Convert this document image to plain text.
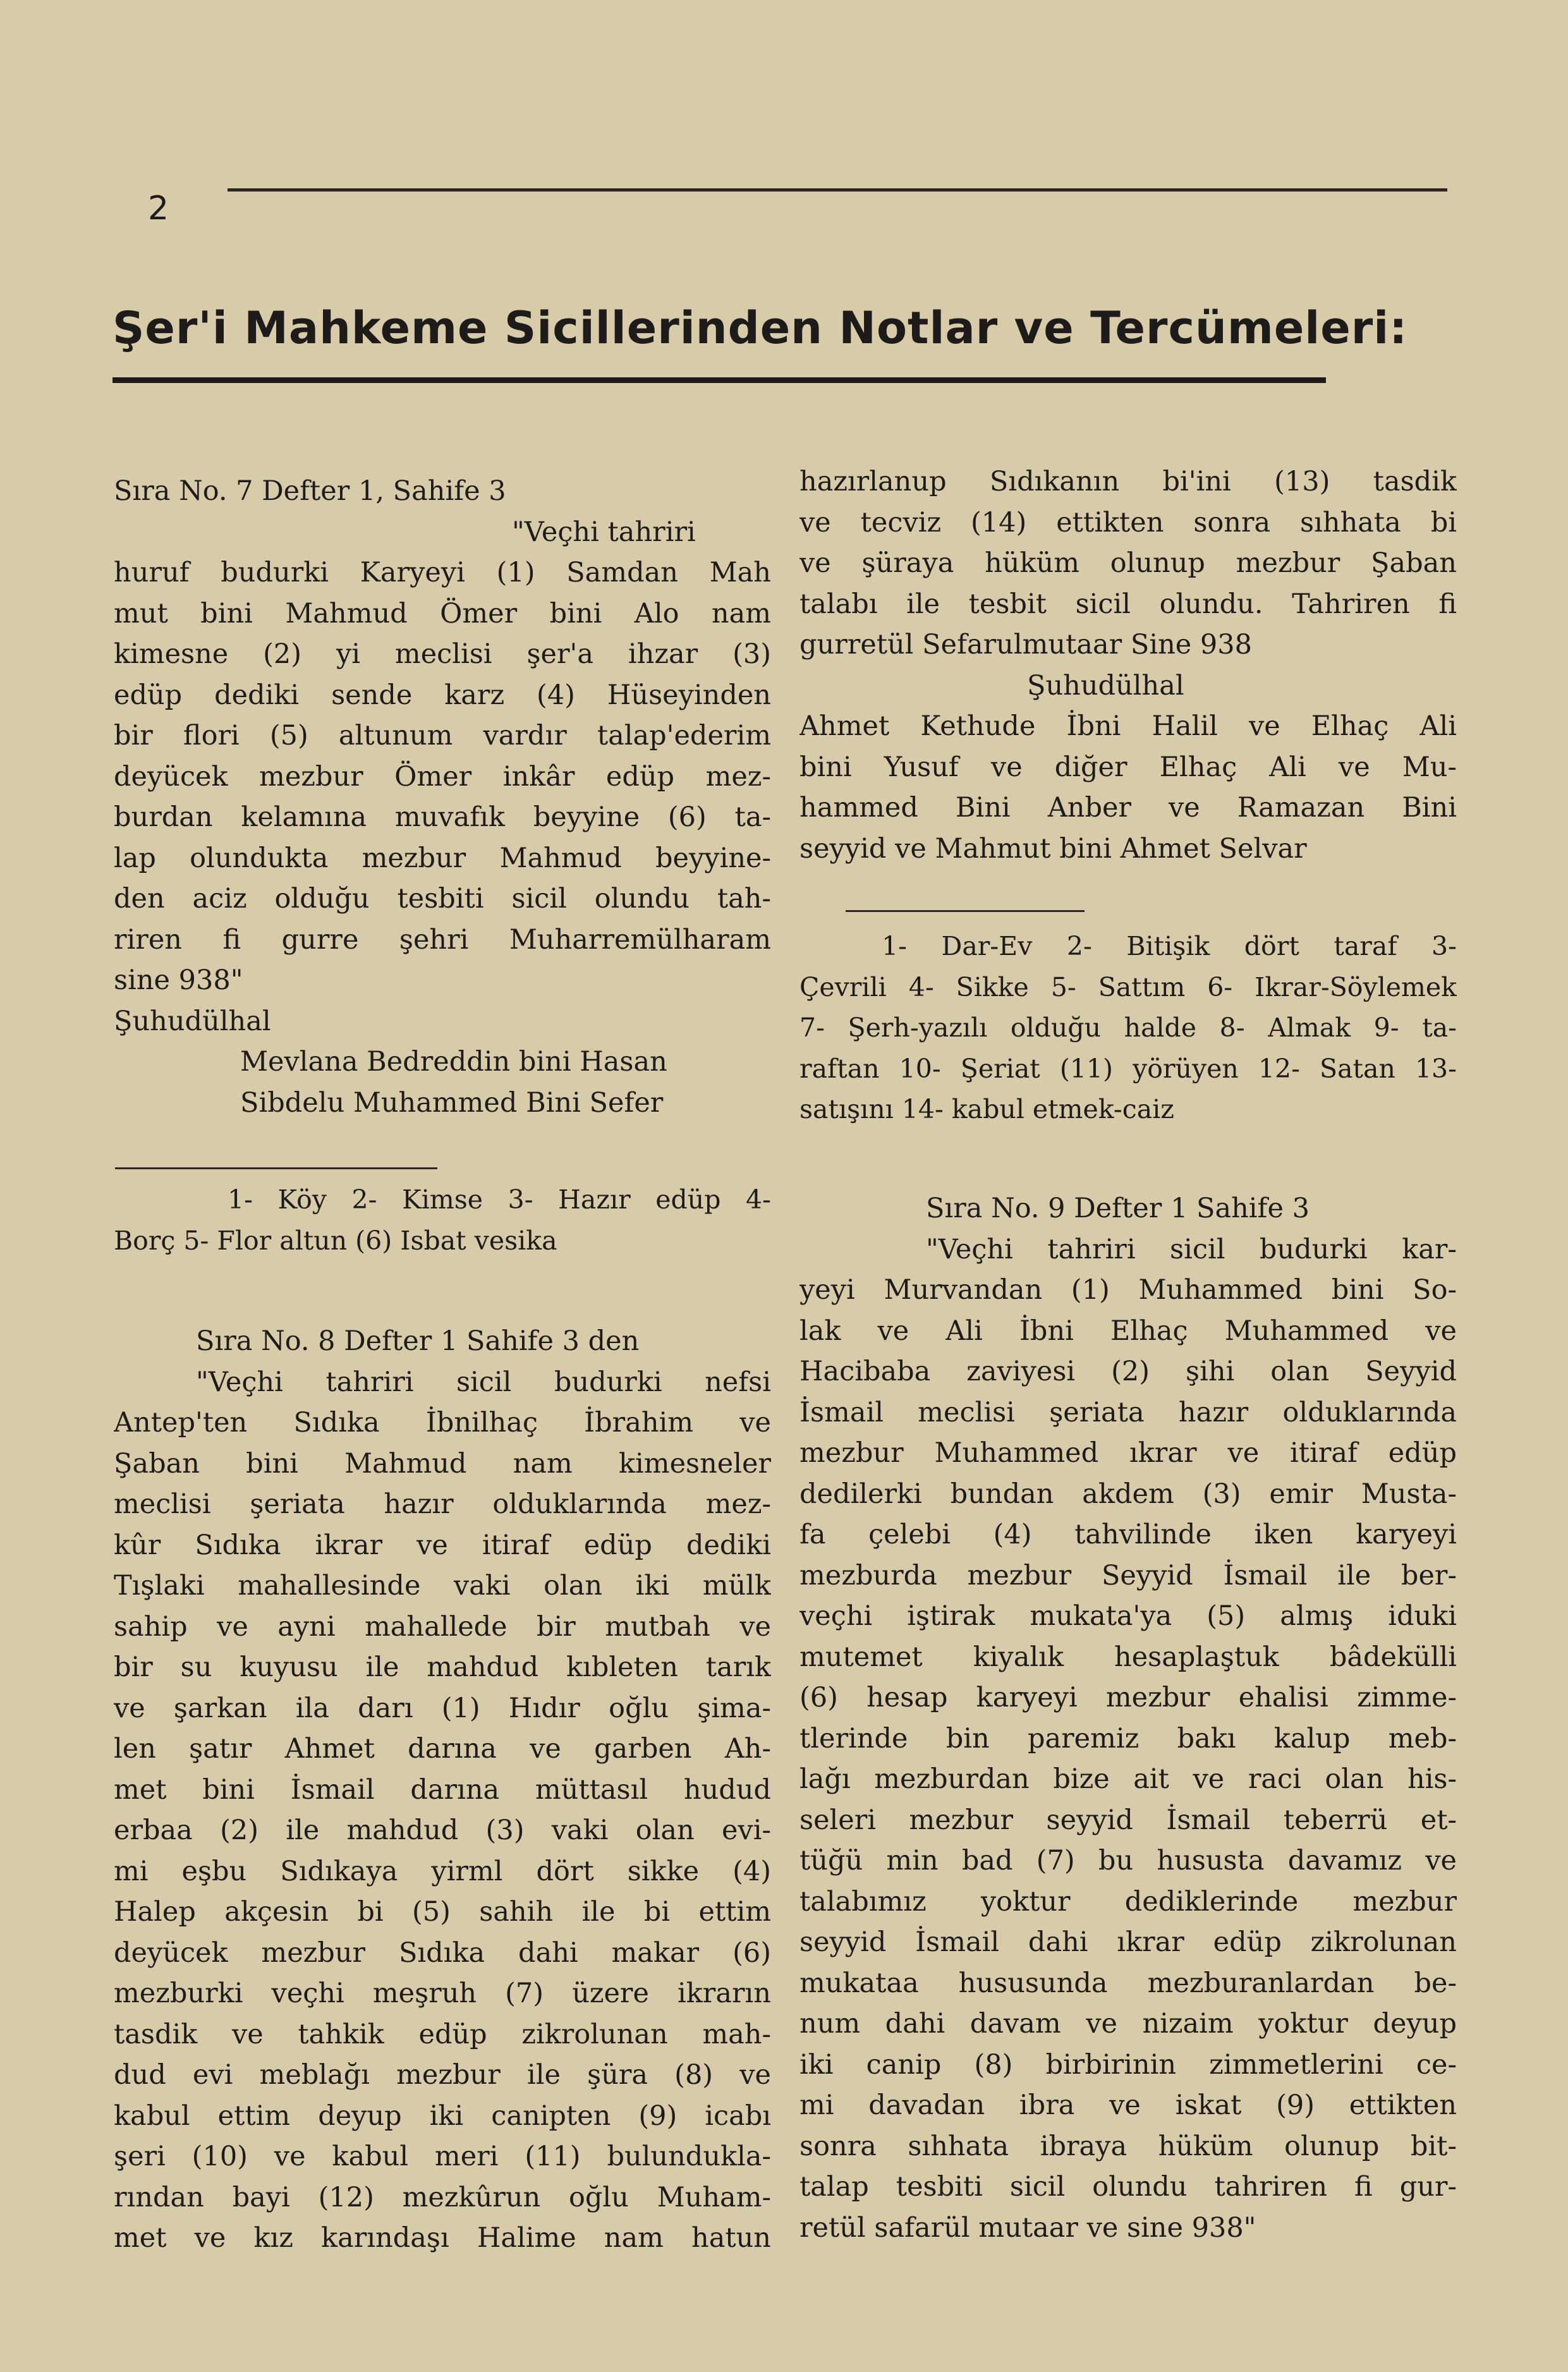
2
Şer'i Mahkeme Sicillerinden Notlar ve Tercümeleri:
Sıra No. 7 Defter 1, Sahife 3
"Veçhi tahriri
huruf budurki Karyeyi (1) Samdan Mah
mut bini Mahmud Ömer bini Alo nam
kimesne (2) yi meclisi şer'a ihzar (3)
edüp dediki sende karz (4) Hüseyinden
bir flori (5) altunum vardır talap'ederim
deyücek mezbur Ömer inkâr edüp mez-
burdan kelamına muvafık beyyine (6) ta-
lap olundukta mezbur Mahmud beyyine-
den aciz olduğu tesbiti sicil olundu tah-
riren fi gurre şehri Muharremülharam
sine 938"
Şuhudülhal
Mevlana Bedreddin bini Hasan
Sibdelu Muhammed Bini Sefer
1- Köy 2- Kimse 3- Hazır edüp 4-
Borç 5- Flor altun (6) Isbat vesika
Sıra No. 8 Defter 1 Sahife 3 den
"Veçhi tahriri sicil budurki nefsi
Antep'ten Sıdıka İbnilhaç İbrahim ve
Şaban bini Mahmud nam kimesneler
meclisi şeriata hazır olduklarında mez-
kûr Sıdıka ikrar ve itiraf edüp dediki
Tışlaki mahallesinde vaki olan iki mülk
sahip ve ayni mahallede bir mutbah ve
bir su kuyusu ile mahdud kıbleten tarık
ve şarkan ila darı (1) Hıdır oğlu şima-
len şatır Ahmet darına ve garben Ah-
met bini İsmail darına müttasıl hudud
erbaa (2) ile mahdud (3) vaki olan evi-
mi eşbu Sıdıkaya yirml dört sikke (4)
Halep akçesin bi (5) sahih ile bi ettim
deyücek mezbur Sıdıka dahi makar (6)
mezburki veçhi meşruh (7) üzere ikrarın
tasdik ve tahkik edüp zikrolunan mah-
dud evi meblağı mezbur ile şüra (8) ve
kabul ettim deyup iki canipten (9) icabı
şeri (10) ve kabul meri (11) bulundukla-
rından bayi (12) mezkûrun oğlu Muham-
met ve kız karındaşı Halime nam hatun
hazırlanup Sıdıkanın bi'ini (13) tasdik
ve tecviz (14) ettikten sonra sıhhata bi
ve şüraya hüküm olunup mezbur Şaban
talabı ile tesbit sicil olundu. Tahriren fi
gurretül Sefarulmutaar Sine 938
Şuhudülhal
Ahmet Kethude İbni Halil ve Elhaç Ali
bini Yusuf ve diğer Elhaç Ali ve Mu-
hammed Bini Anber ve Ramazan Bini
seyyid ve Mahmut bini Ahmet Selvar
1- Dar-Ev 2- Bitişik dört taraf 3-
Çevrili 4- Sikke 5- Sattım 6- Ikrar-Söylemek
7- Şerh-yazılı olduğu halde 8- Almak 9- ta-
raftan 10- Şeriat (11) yörüyen 12- Satan 13-
satışını 14- kabul etmek-caiz
Sıra No. 9 Defter 1 Sahife 3
"Veçhi tahriri sicil budurki kar-
yeyi Murvandan (1) Muhammed bini So-
lak ve Ali İbni Elhaç Muhammed ve
Hacibaba zaviyesi (2) şihi olan Seyyid
İsmail meclisi şeriata hazır olduklarında
mezbur Muhammed ıkrar ve itiraf edüp
dedilerki bundan akdem (3) emir Musta-
fa çelebi (4) tahvilinde iken karyeyi
mezburda mezbur Seyyid İsmail ile ber-
veçhi iştirak mukata'ya (5) almış iduki
mutemet kiyalık hesaplaştuk bâdekülli
(6) hesap karyeyi mezbur ehalisi zimme-
tlerinde bin paremiz bakı kalup meb-
lağı mezburdan bize ait ve raci olan his-
seleri mezbur seyyid İsmail teberrü et-
tüğü min bad (7) bu hususta davamız ve
talabımız yoktur dediklerinde mezbur
seyyid İsmail dahi ıkrar edüp zikrolunan
mukataa hususunda mezburanlardan be-
num dahi davam ve nizaim yoktur deyup
iki canip (8) birbirinin zimmetlerini ce-
mi davadan ibra ve iskat (9) ettikten
sonra sıhhata ibraya hüküm olunup bit-
talap tesbiti sicil olundu tahriren fi gur-
retül safarül mutaar ve sine 938"
